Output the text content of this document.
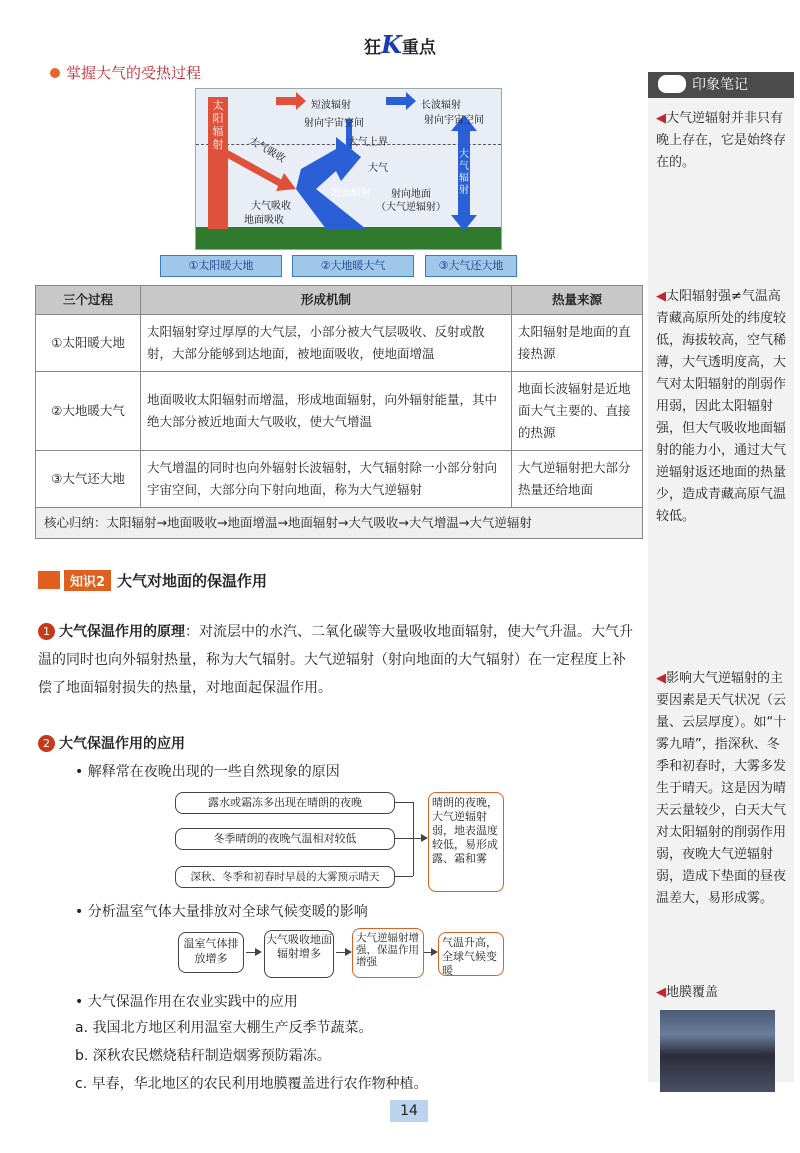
狂K重点
掌握大气的受热过程
太
阳
辐
射
短波辐射	长波辐射
射向宇宙空间	射向宇宙空间
大气上界
大气吸收
大气
大气吸收
地面吸收
地面辐射 射向地面
（大气逆辐射）
大 气 辐 射
①太阳暖大地	②大地暖大气	③大气还大地
三个过程	形成机制	热量来源
①太阳暖大地	太阳辐射穿过厚厚的大气层，小部分被大气层吸收、反射或散射，大部分能够到达地面，被地面吸收，使地面增温	太阳辐射是地面的直接热源
②大地暖大气	地面吸收太阳辐射而增温，形成地面辐射，向外辐射能量，其中绝大部分被近地面大气吸收，使大气增温	地面长波辐射是近地面大气主要的、直接的热源
③大气还大地	大气增温的同时也向外辐射长波辐射，大气辐射除一小部分射向宇宙空间，大部分向下射向地面，称为大气逆辐射	大气逆辐射把大部分热量还给地面
核心归纳：太阳辐射→地面吸收→地面增温→地面辐射→大气吸收→大气增温→大气逆辐射		
知识2 大气对地面的保温作用
1 大气保温作用的原理：对流层中的水汽、二氧化碳等大量吸收地面辐射，使大气升温。大气升温的同时也向外辐射热量，称为大气辐射。大气逆辐射（射向地面的大气辐射）在一定程度上补偿了地面辐射损失的热量，对地面起保温作用。
2 大气保温作用的应用
• 解释常在夜晚出现的一些自然现象的原因
露水或霜冻多出现在晴朗的夜晚
冬季晴朗的夜晚气温相对较低
深秋、冬季和初春时早晨的大雾预示晴天
晴朗的夜晚，大气逆辐射弱，地表温度较低，易形成露、霜和雾
• 分析温室气体大量排放对全球气候变暖的影响
温室气体排放增多
大气吸收地面辐射增多
大气逆辐射增强，保温作用增强
气温升高，全球气候变暖
• 大气保温作用在农业实践中的应用
a. 我国北方地区利用温室大棚生产反季节蔬菜。
b. 深秋农民燃烧秸秆制造烟雾预防霜冻。
c. 早春，华北地区的农民利用地膜覆盖进行农作物种植。
印象笔记
◀大气逆辐射并非只有晚上存在，它是始终存在的。
◀太阳辐射强≠气温高
青藏高原所处的纬度较低，海拔较高，空气稀薄，大气透明度高，大气对太阳辐射的削弱作用弱，因此太阳辐射强，但大气吸收地面辐射的能力小，通过大气逆辐射返还地面的热量少，造成青藏高原气温较低。
◀影响大气逆辐射的主要因素是天气状况（云量、云层厚度）。如“十雾九晴”，指深秋、冬季和初春时，大雾多发生于晴天。这是因为晴天云量较少，白天大气对太阳辐射的削弱作用弱，夜晚大气逆辐射弱，造成下垫面的昼夜温差大，易形成雾。
◀地膜覆盖
14
